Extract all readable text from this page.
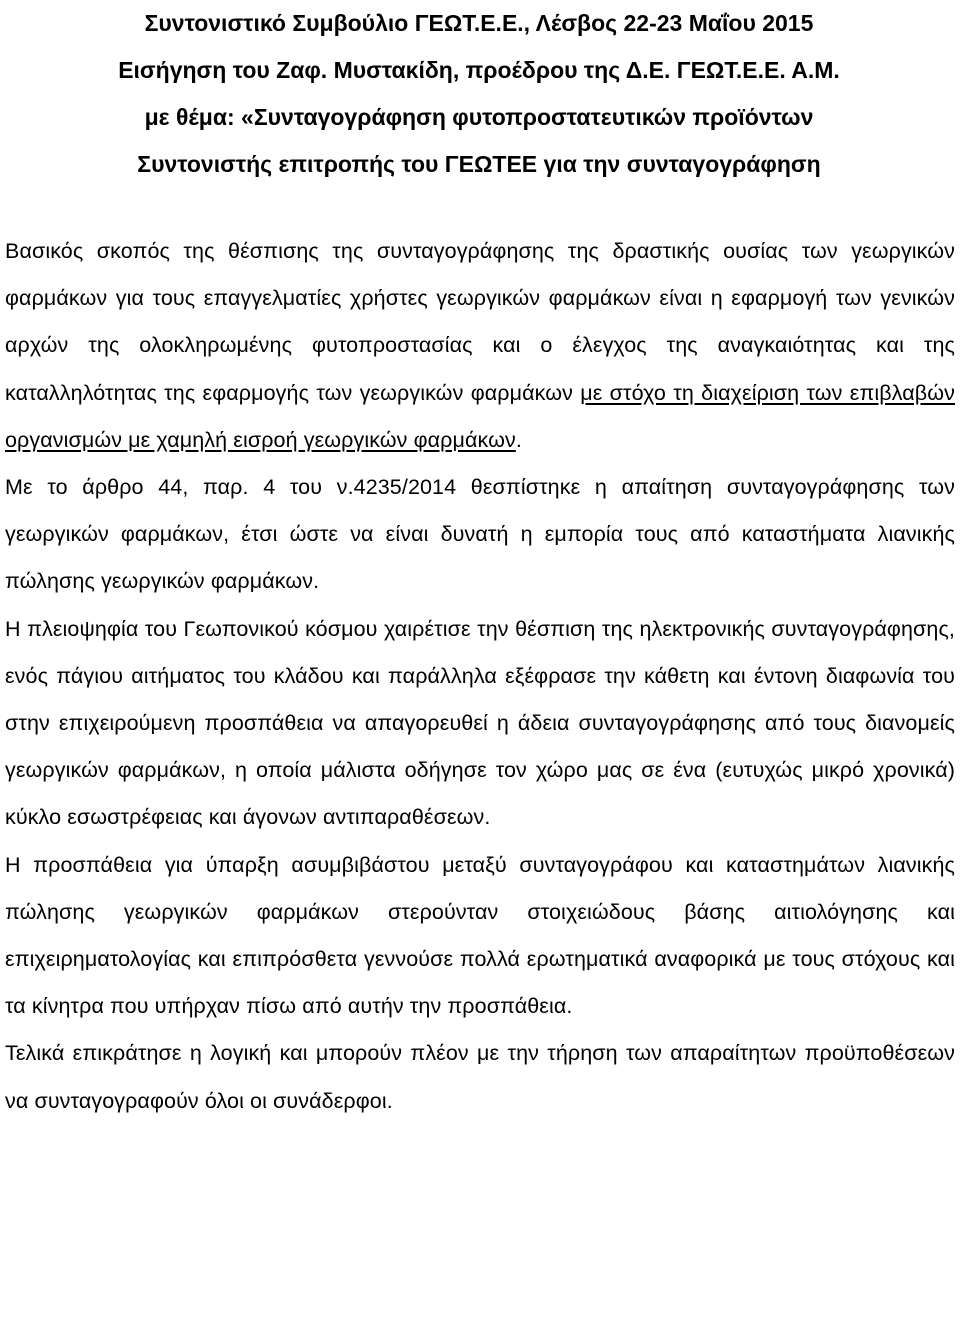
Συντονιστικό Συμβούλιο ΓΕΩΤ.Ε.Ε., Λέσβος 22-23 Μαΐου 2015

Εισήγηση του Ζαφ. Μυστακίδη, προέδρου της Δ.Ε. ΓΕΩΤ.Ε.Ε. Α.Μ.

με θέμα: «Συνταγογράφηση φυτοπροστατευτικών προϊόντων

Συντονιστής επιτροπής του ΓΕΩΤΕΕ για την συνταγογράφηση

Βασικός σκοπός της θέσπισης της συνταγογράφησης της δραστικής ουσίας των γεωργικών φαρμάκων για τους επαγγελματίες χρήστες γεωργικών φαρμάκων είναι η εφαρμογή των γενικών αρχών της ολοκληρωμένης φυτοπροστασίας και ο έλεγχος της αναγκαιότητας και της καταλληλότητας της εφαρμογής των γεωργικών φαρμάκων με στόχο τη διαχείριση των επιβλαβών οργανισμών με χαμηλή εισροή γεωργικών φαρμάκων.

Με το άρθρο 44, παρ. 4 του ν.4235/2014 θεσπίστηκε η απαίτηση συνταγογράφησης των γεωργικών φαρμάκων, έτσι ώστε να είναι δυνατή η εμπορία τους από καταστήματα λιανικής πώλησης γεωργικών φαρμάκων.

Η πλειοψηφία του Γεωπονικού κόσμου χαιρέτισε την θέσπιση της ηλεκτρονικής συνταγογράφησης, ενός πάγιου αιτήματος του κλάδου και παράλληλα εξέφρασε την κάθετη και έντονη διαφωνία του στην επιχειρούμενη προσπάθεια να απαγορευθεί η άδεια συνταγογράφησης από τους διανομείς γεωργικών φαρμάκων, η οποία μάλιστα οδήγησε τον χώρο μας σε ένα (ευτυχώς μικρό χρονικά) κύκλο εσωστρέφειας και άγονων αντιπαραθέσεων.

Η προσπάθεια για ύπαρξη ασυμβιβάστου μεταξύ συνταγογράφου και καταστημάτων λιανικής πώλησης γεωργικών φαρμάκων στερούνταν στοιχειώδους βάσης αιτιολόγησης και επιχειρηματολογίας και επιπρόσθετα γεννούσε πολλά ερωτηματικά αναφορικά με τους στόχους και τα κίνητρα που υπήρχαν πίσω από αυτήν την προσπάθεια.

Τελικά επικράτησε η λογική και μπορούν πλέον με την τήρηση των απαραίτητων προϋποθέσεων να συνταγογραφούν όλοι οι συνάδερφοι.
